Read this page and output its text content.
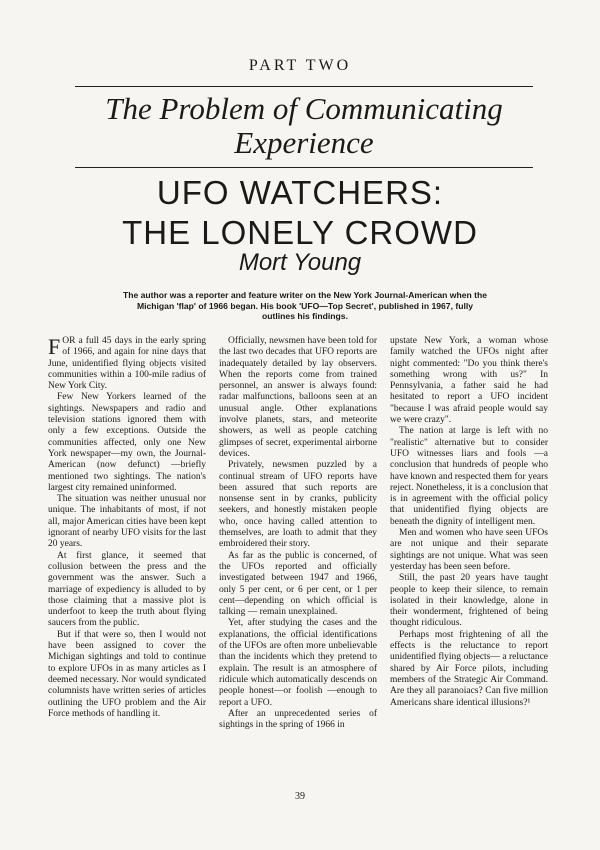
PART TWO
The Problem of Communicating Experience
UFO WATCHERS:
THE LONELY CROWD
Mort Young
The author was a reporter and feature writer on the New York Journal-American when the Michigan 'flap' of 1966 began. His book 'UFO—Top Secret', published in 1967, fully outlines his findings.

FOR a full 45 days in the early spring of 1966, and again for nine days that June, unidentified flying objects visited communities within a 100-mile radius of New York City.

Few New Yorkers learned of the sightings. Newspapers and radio and television stations ignored them with only a few exceptions. Outside the communities affected, only one New York newspaper—my own, the Journal-American (now defunct) —briefly mentioned two sightings. The nation's largest city remained uninformed.

The situation was neither unusual nor unique. The inhabitants of most, if not all, major American cities have been kept ignorant of nearby UFO visits for the last 20 years.

At first glance, it seemed that collusion between the press and the government was the answer. Such a marriage of expediency is alluded to by those claiming that a massive plot is underfoot to keep the truth about flying saucers from the public.

But if that were so, then I would not have been assigned to cover the Michigan sightings and told to continue to explore UFOs in as many articles as I deemed necessary. Nor would syndicated columnists have written series of articles outlining the UFO problem and the Air Force methods of handling it.

Officially, newsmen have been told for the last two decades that UFO reports are inadequately detailed by lay observers. When the reports come from trained personnel, an answer is always found: radar malfunctions, balloons seen at an unusual angle. Other explanations involve planets, stars, and meteorite showers, as well as people catching glimpses of secret, experimental airborne devices.

Privately, newsmen puzzled by a continual stream of UFO reports have been assured that such reports are nonsense sent in by cranks, publicity seekers, and honestly mistaken people who, once having called attention to themselves, are loath to admit that they embroidered their story.

As far as the public is concerned, of the UFOs reported and officially investigated between 1947 and 1966, only 5 per cent, or 6 per cent, or 1 per cent—depending on which official is talking — remain unexplained.

Yet, after studying the cases and the explanations, the official identifications of the UFOs are often more unbelievable than the incidents which they pretend to explain. The result is an atmosphere of ridicule which automatically descends on people honest—or foolish —enough to report a UFO.

After an unprecedented series of sightings in the spring of 1966 in

upstate New York, a woman whose family watched the UFOs night after night commented: "Do you think there's something wrong with us?" In Pennsylvania, a father said he had hesitated to report a UFO incident "because I was afraid people would say we were crazy".

The nation at large is left with no "realistic" alternative but to consider UFO witnesses liars and fools —a conclusion that hundreds of people who have known and respected them for years reject. Nonetheless, it is a conclusion that is in agreement with the official policy that unidentified flying objects are beneath the dignity of intelligent men.

Men and women who have seen UFOs are not unique and their separate sightings are not unique. What was seen yesterday has been seen before.

Still, the past 20 years have taught people to keep their silence, to remain isolated in their knowledge, alone in their wonderment, frightened of being thought ridiculous.

Perhaps most frightening of all the effects is the reluctance to report unidentified flying objects— a reluctance shared by Air Force pilots, including members of the Strategic Air Command. Are they all paranoiacs? Can five million Americans share identical illusions?¹

39
